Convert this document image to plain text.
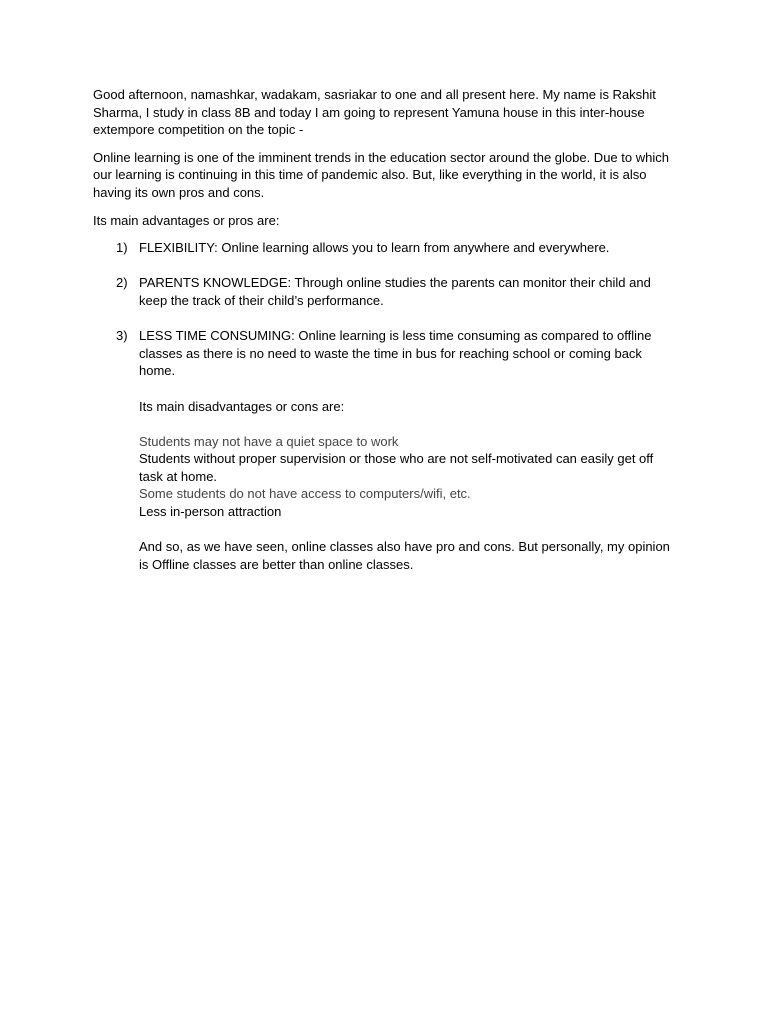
Good afternoon, namashkar, wadakam, sasriakar to one and all present here. My name is Rakshit Sharma, I study in class 8B and today I am going to represent Yamuna house in this inter-house extempore competition on the topic -

Online learning is one of the imminent trends in the education sector around the globe. Due to which our learning is continuing in this time of pandemic also. But, like everything in the world, it is also having its own pros and cons.

Its main advantages or pros are:

1) FLEXIBILITY: Online learning allows you to learn from anywhere and everywhere.
2) PARENTS KNOWLEDGE: Through online studies the parents can monitor their child and keep the track of their child’s performance.
3) LESS TIME CONSUMING: Online learning is less time consuming as compared to offline classes as there is no need to waste the time in bus for reaching school or coming back home.

Its main disadvantages or cons are:

Students may not have a quiet space to work

Students without proper supervision or those who are not self-motivated can easily get off task at home.

Some students do not have access to computers/wifi, etc.

Less in-person attraction

And so, as we have seen, online classes also have pro and cons. But personally, my opinion is Offline classes are better than online classes.
